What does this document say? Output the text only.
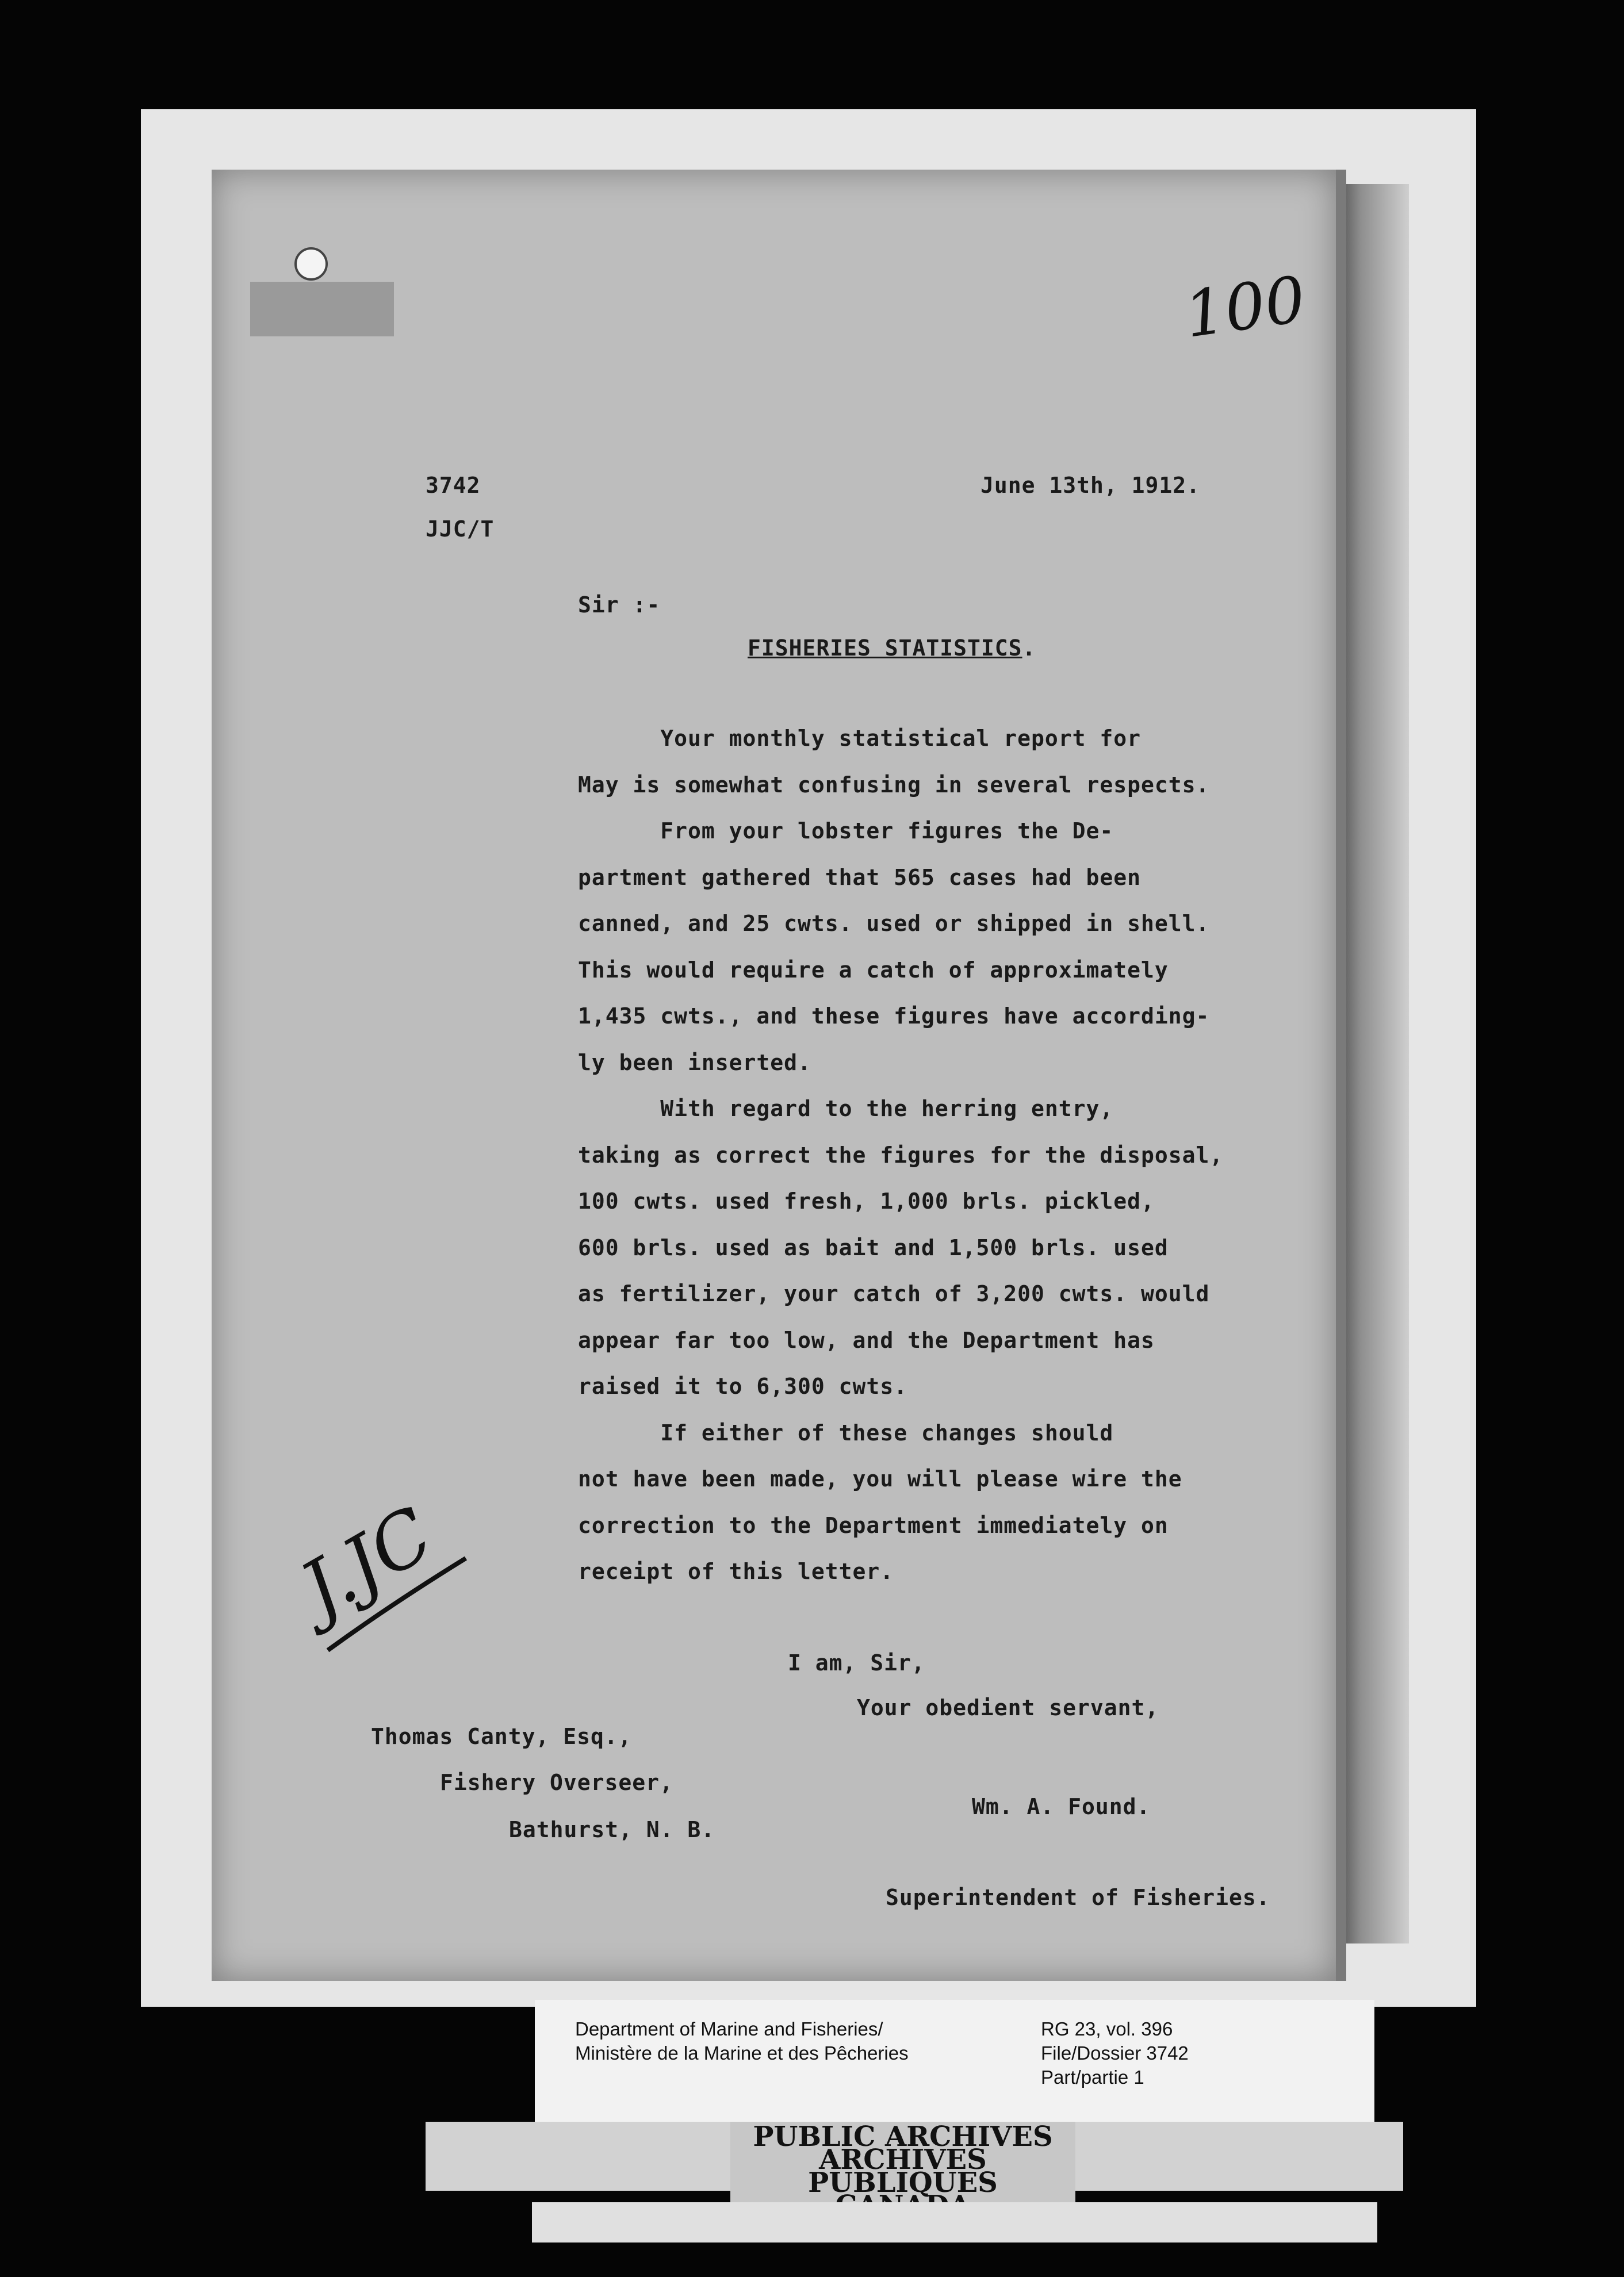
100
3742
JJC/T
June 13th, 1912.
Sir :-
FISHERIES STATISTICS.
Your monthly statistical report for
May is somewhat confusing in several respects.
From your lobster figures the De-
partment gathered that 565 cases had been
canned, and 25 cwts. used or shipped in shell.
This would require a catch of approximately
1,435 cwts., and these figures have according-
ly been inserted.
With regard to the herring entry,
taking as correct the figures for the disposal,
100 cwts. used fresh, 1,000 brls. pickled,
600 brls. used as bait and 1,500 brls. used
as fertilizer, your catch of 3,200 cwts. would
appear far too low, and the Department has
raised it to 6,300 cwts.
If either of these changes should
not have been made, you will please wire the
correction to the Department immediately on
receipt of this letter.
J.JC
I am, Sir,
Your obedient servant,
Thomas Canty, Esq.,
Fishery Overseer,
Bathurst, N. B.
Wm. A. Found.
Superintendent of Fisheries.
Department of Marine and Fisheries/
Ministère de la Marine et des Pêcheries
RG 23, vol. 396
File/Dossier 3742
Part/partie 1
PUBLIC ARCHIVES
ARCHIVES PUBLIQUES
